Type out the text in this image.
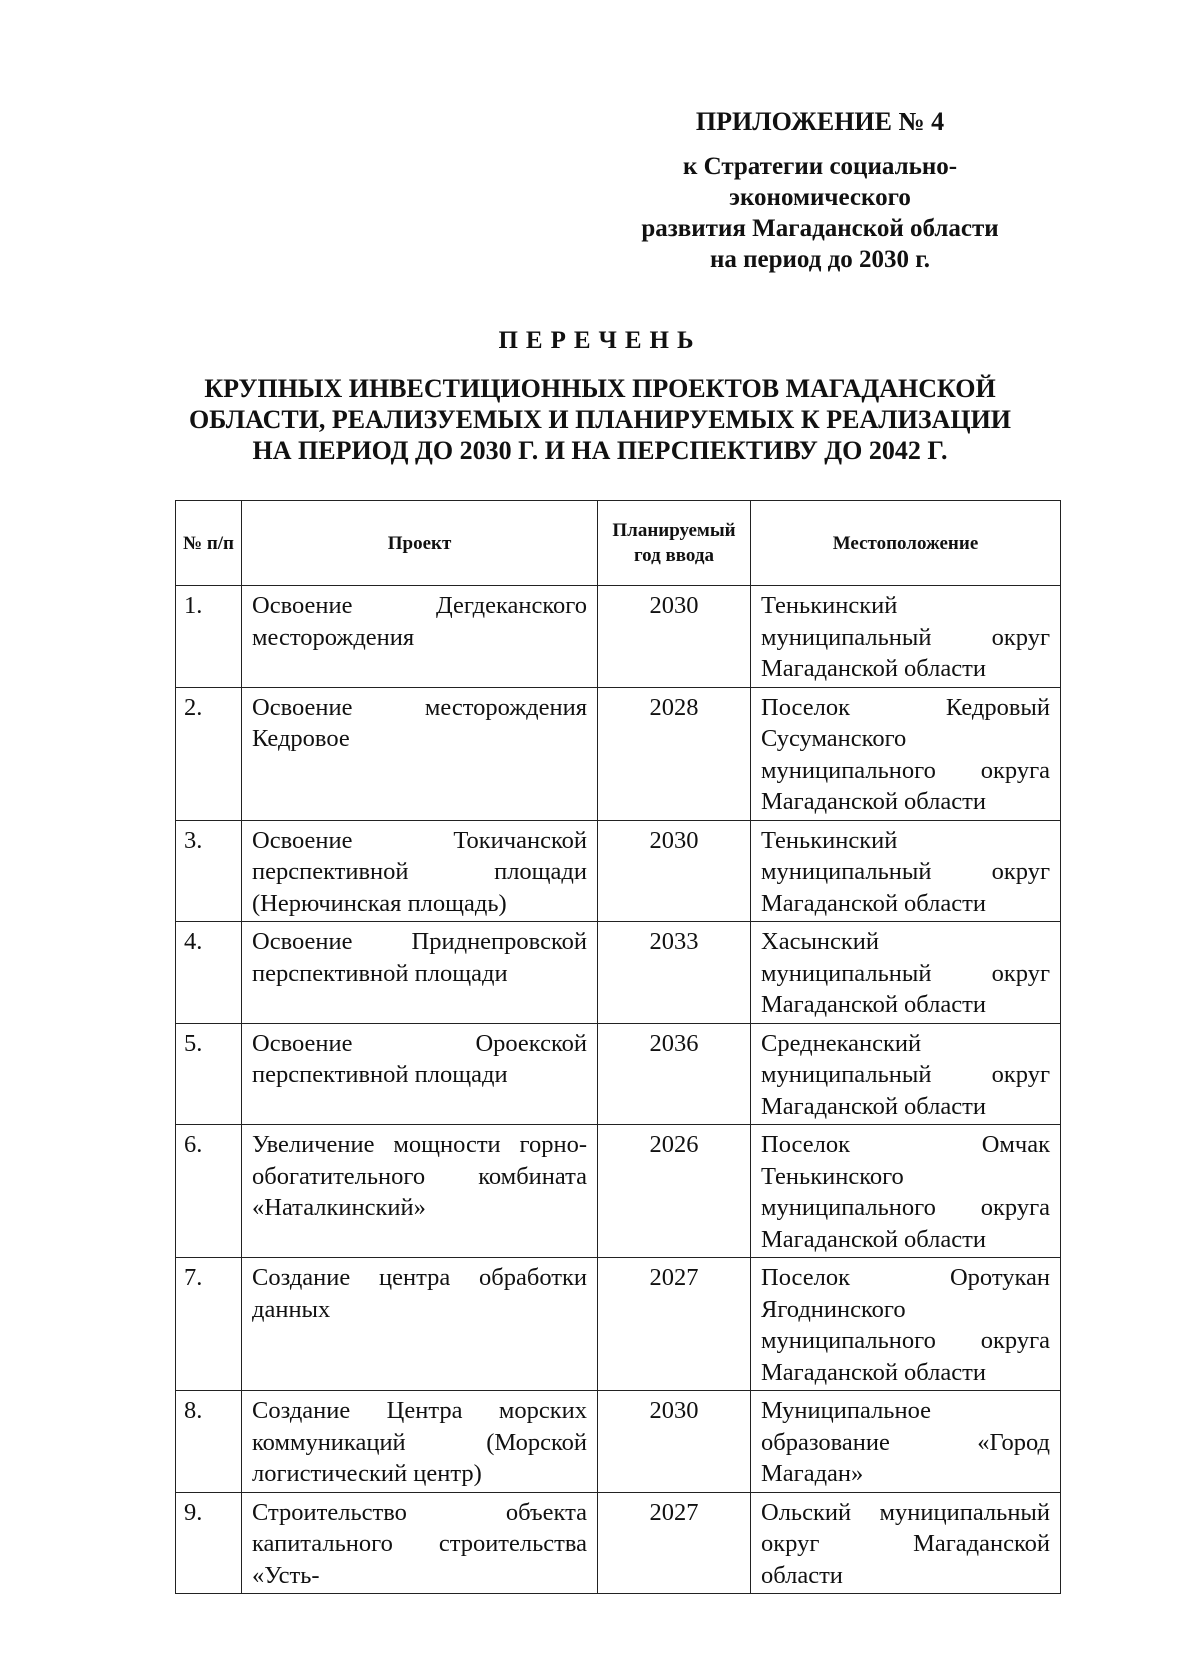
ПРИЛОЖЕНИЕ № 4
к Стратегии социально-
экономического
развития Магаданской области
на период до 2030 г.
ПЕРЕЧЕНЬ
КРУПНЫХ ИНВЕСТИЦИОННЫХ ПРОЕКТОВ МАГАДАНСКОЙ
ОБЛАСТИ, РЕАЛИЗУЕМЫХ И ПЛАНИРУЕМЫХ К РЕАЛИЗАЦИИ
НА ПЕРИОД ДО 2030 Г. И НА ПЕРСПЕКТИВУ ДО 2042 Г.
№ п/п	Проект	Планируемый год ввода	Местоположение
1.	Освоение Дегдеканского месторождения	2030	Тенькинский муниципальный округ Магаданской области
2.	Освоение месторождения Кедровое	2028	Поселок Кедровый Сусуманского муниципального округа Магаданской области
3.	Освоение Токичанской перспективной площади (Нерючинская площадь)	2030	Тенькинский муниципальный округ Магаданской области
4.	Освоение Приднепровской перспективной площади	2033	Хасынский муниципальный округ Магаданской области
5.	Освоение Ороекской перспективной площади	2036	Среднеканский муниципальный округ Магаданской области
6.	Увеличение мощности горно-обогатительного комбината «Наталкинский»	2026	Поселок Омчак Тенькинского муниципального округа Магаданской области
7.	Создание центра обработки данных	2027	Поселок Оротукан Ягоднинского муниципального округа Магаданской области
8.	Создание Центра морских коммуникаций (Морской логистический центр)	2030	Муниципальное образование «Город Магадан»
9.	Строительство объекта капитального строительства «Усть-	2027	Ольский муниципальный округ Магаданской области
